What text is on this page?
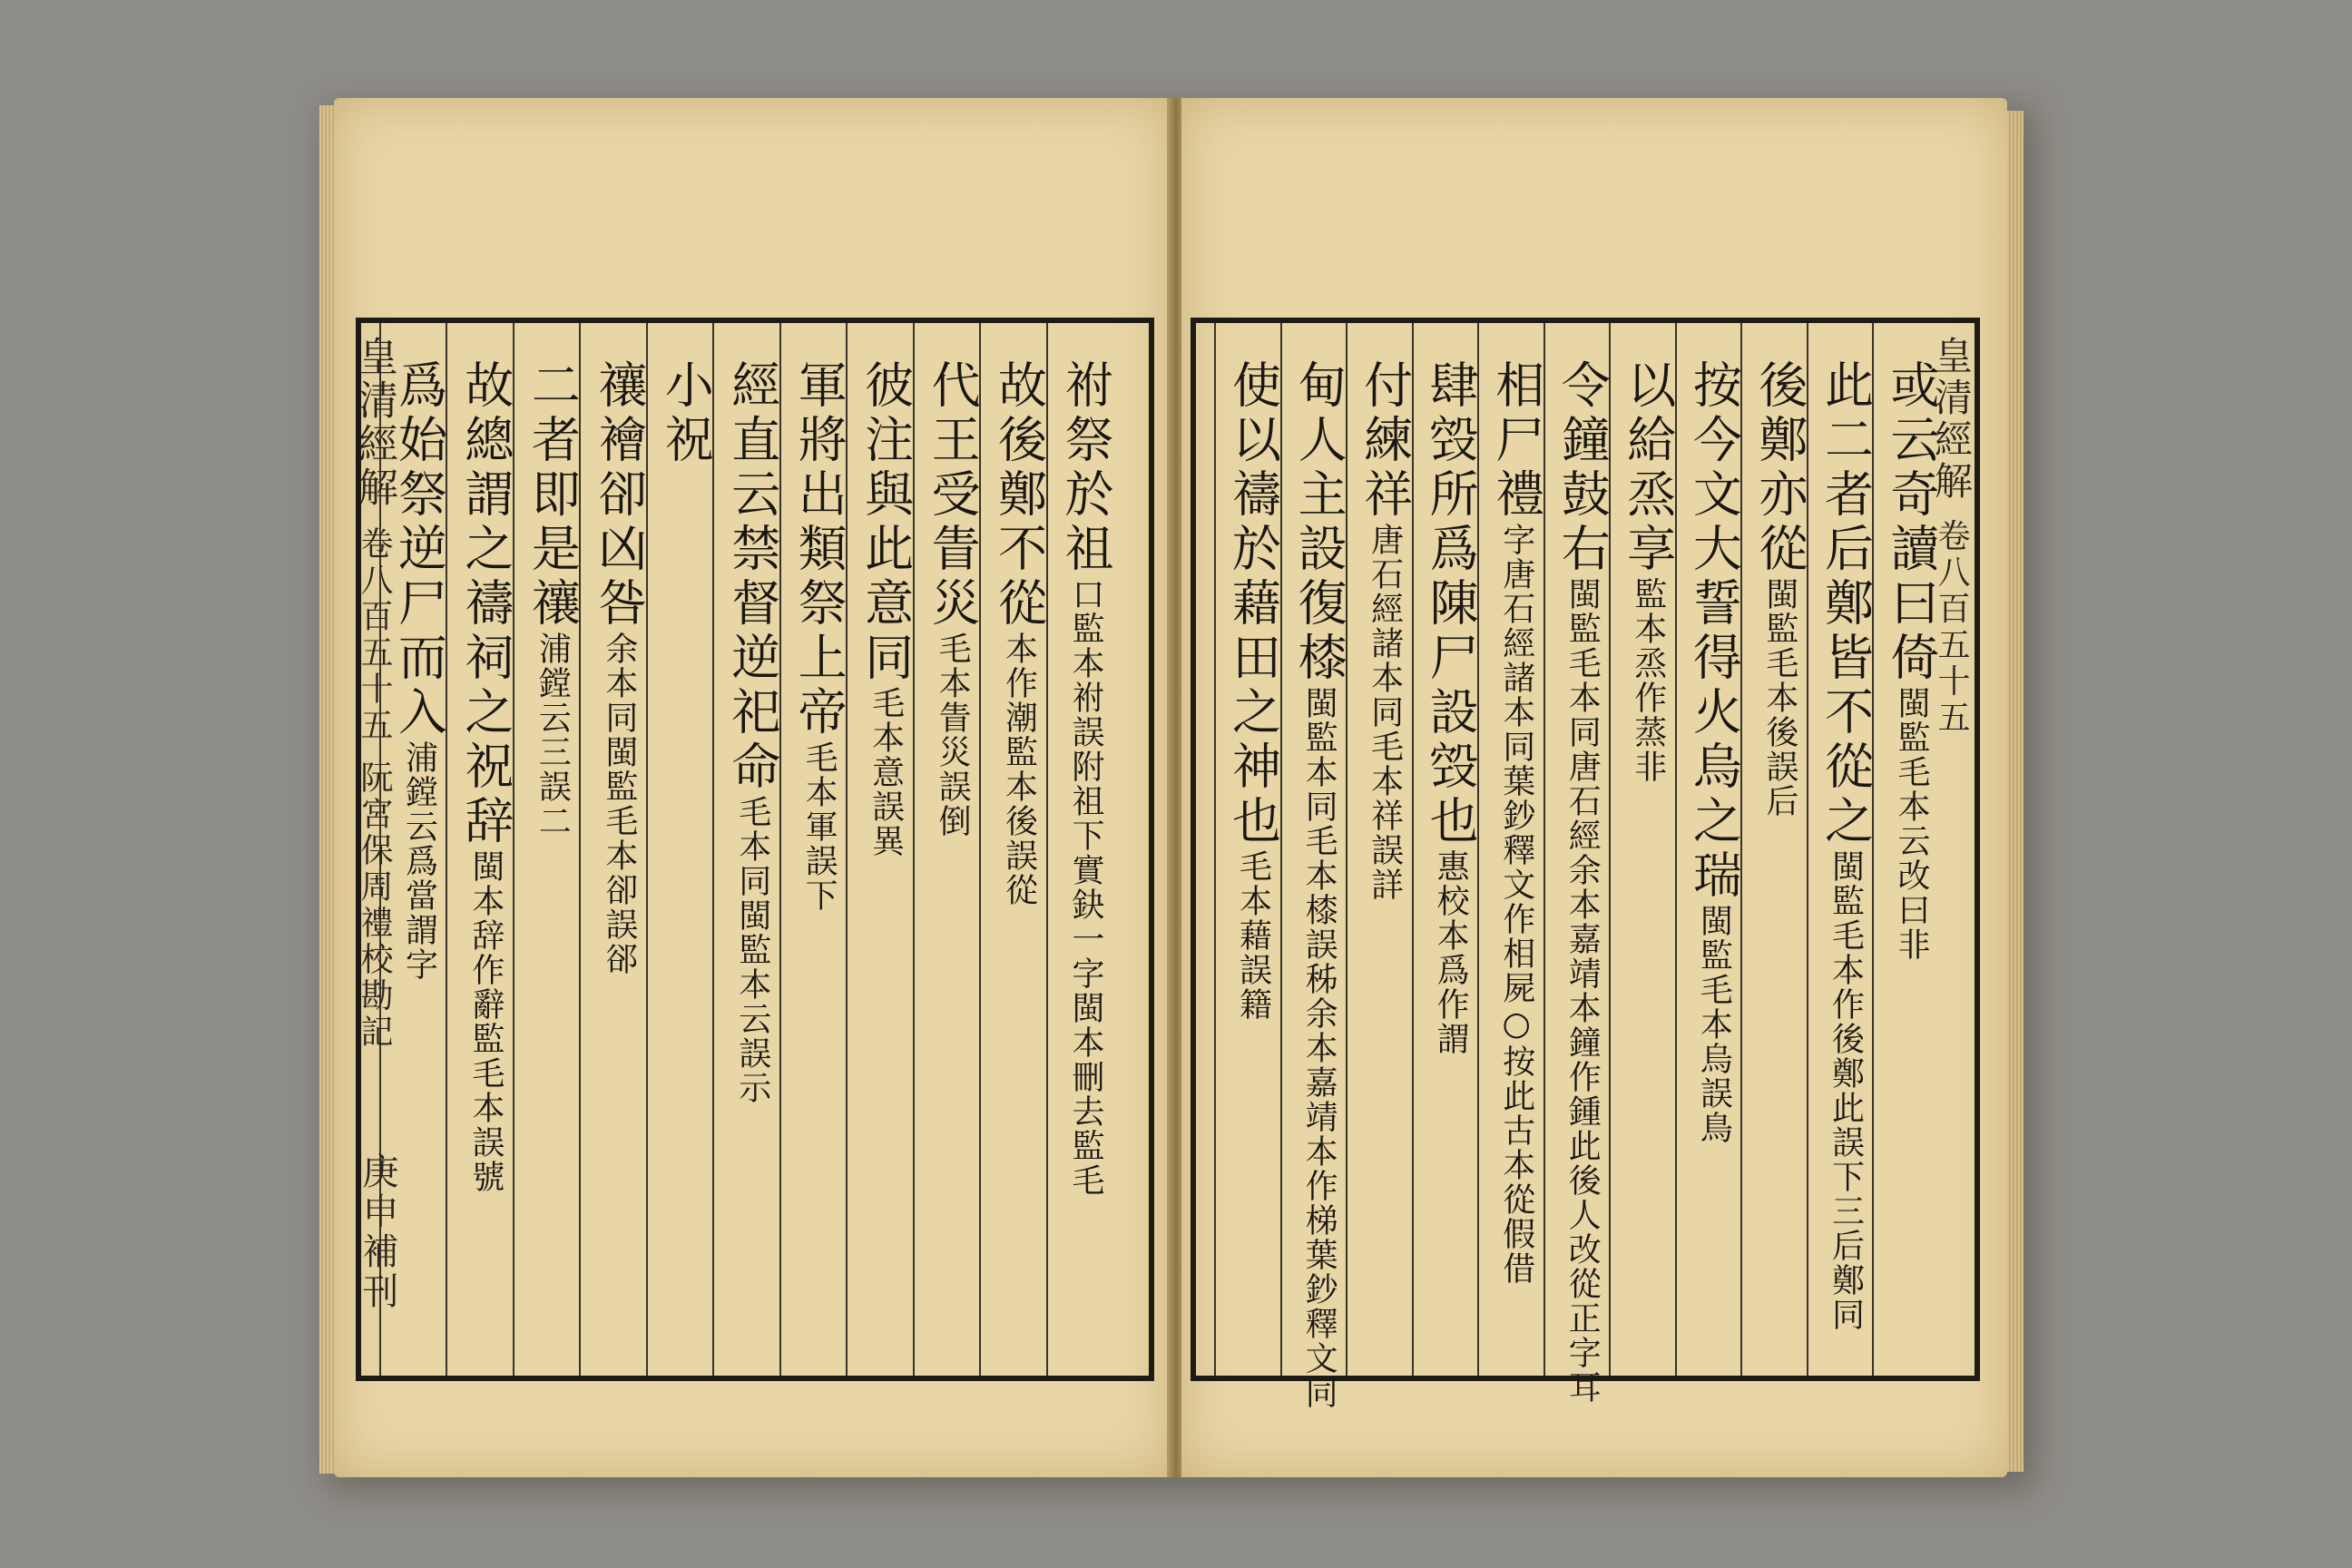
祔祭於祖口監本祔誤附祖下實鈌一字閩本刪去監毛
故後鄭不從本作潮監本後誤從
代王受眚災毛本眚災誤倒
彼注與此意同毛本意誤異
軍將出類祭上帝毛本軍誤下
經直云禁督逆祀命毛本同閩監本云誤示
小祝
禳襘卻凶咎余本同閩監毛本卻誤郤
二者即是禳浦鏜云三誤二
故總謂之禱祠之祝辞閩本辞作辭監毛本誤號
爲始祭逆尸而入浦鏜云爲當謂字
皇清經解 卷八百五十五 阮宮保周禮校勘記
庚申補刊
或云奇讀曰倚閩監毛本云改曰非
此二者后鄭皆不從之閩監毛本作後鄭此誤下三后鄭同
後鄭亦從閩監毛本後誤后
按今文大誓得火烏之瑞閩監毛本烏誤鳥
以給烝享監本烝作蒸非
令鐘鼓右閩監毛本同唐石經余本嘉靖本鐘作鍾此後人改從正字耳
相尸禮字唐石經諸本同葉鈔釋文作相屍○按此古本從假借
肆㲁所爲陳尸設㲁也惠校本爲作謂
付練祥唐石經諸本同毛本祥誤詳
甸人主設復㯃閩監本同毛本㯃誤秭余本嘉靖本作梯葉鈔釋文同
使以禱於藉田之神也毛本藉誤籍
皇清經解 卷八百五十五
